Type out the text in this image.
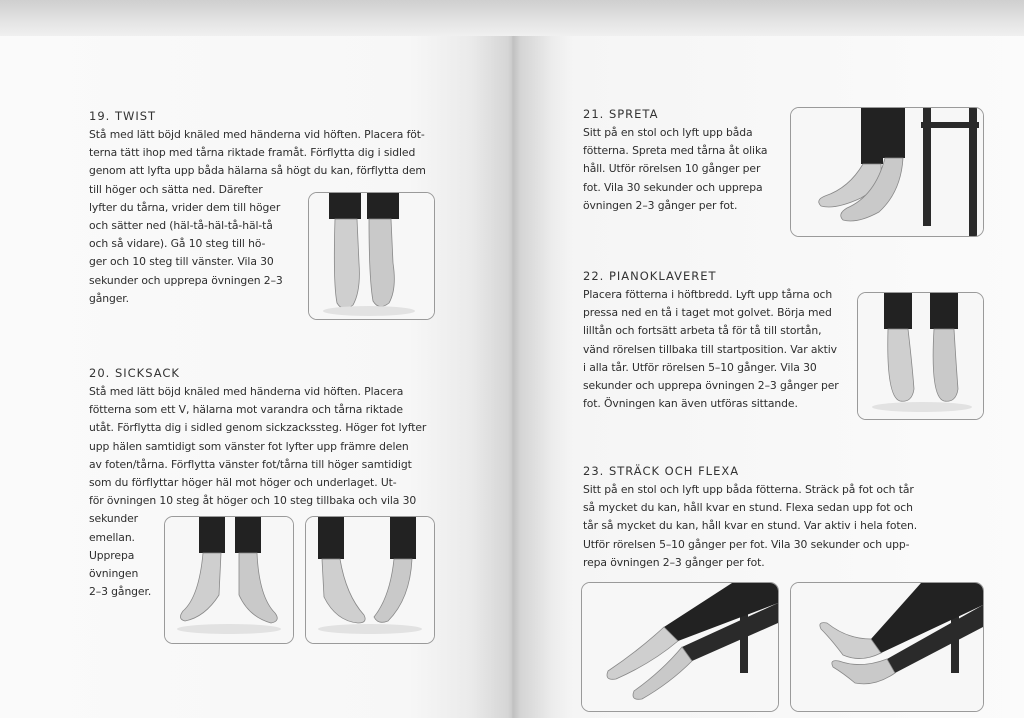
19. TWIST

Stå med lätt böjd knäled med händerna vid höften. Placera föt-
terna tätt ihop med tårna riktade framåt. Förflytta dig i sidled
genom att lyfta upp båda hälarna så högt du kan, förflytta dem
till höger och sätta ned. Därefter
lyfter du tårna, vrider dem till höger
och sätter ned (häl-tå-häl-tå-häl-tå
och så vidare). Gå 10 steg till hö-
ger och 10 steg till vänster. Vila 30
sekunder och upprepa övningen 2–3
gånger.

20. SICKSACK

Stå med lätt böjd knäled med händerna vid höften. Placera
fötterna som ett V, hälarna mot varandra och tårna riktade
utåt. Förflytta dig i sidled genom sickzackssteg. Höger fot lyfter
upp hälen samtidigt som vänster fot lyfter upp främre delen
av foten/tårna. Förflytta vänster fot/tårna till höger samtidigt
som du förflyttar höger häl mot höger och underlaget. Ut-
för övningen 10 steg åt höger och 10 steg tillbaka och vila 30
sekunder
emellan.
Upprepa
övningen
2–3 gånger.

21. SPRETA

Sitt på en stol och lyft upp båda
fötterna. Spreta med tårna åt olika
håll. Utför rörelsen 10 gånger per
fot. Vila 30 sekunder och upprepa
övningen 2–3 gånger per fot.

22. PIANOKLAVERET

Placera fötterna i höftbredd. Lyft upp tårna och
pressa ned en tå i taget mot golvet. Börja med
lilltån och fortsätt arbeta tå för tå till stortån,
vänd rörelsen tillbaka till startposition. Var aktiv
i alla tår. Utför rörelsen 5–10 gånger. Vila 30
sekunder och upprepa övningen 2–3 gånger per
fot. Övningen kan även utföras sittande.

23. STRÄCK OCH FLEXA

Sitt på en stol och lyft upp båda fötterna. Sträck på fot och tår
så mycket du kan, håll kvar en stund. Flexa sedan upp fot och
tår så mycket du kan, håll kvar en stund. Var aktiv i hela foten.
Utför rörelsen 5–10 gånger per fot. Vila 30 sekunder och upp-
repa övningen 2–3 gånger per fot.
